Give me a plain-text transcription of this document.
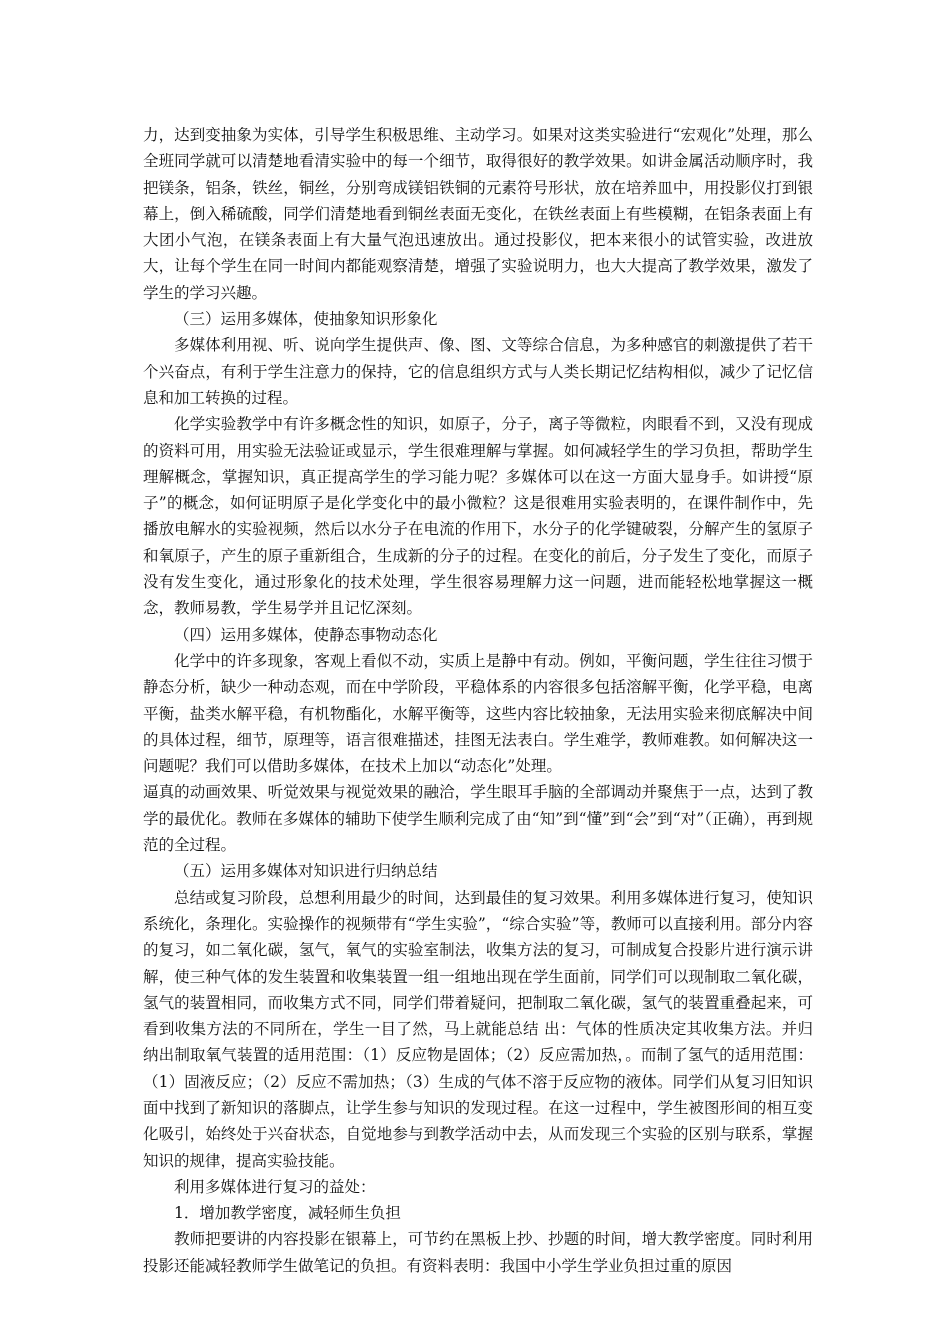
力，达到变抽象为实体，引导学生积极思维、主动学习。如果对这类实验进行“宏观化”处理，那么全班同学就可以清楚地看清实验中的每一个细节，取得很好的教学效果。如讲金属活动顺序时，我把镁条，铝条，铁丝，铜丝，分别弯成镁铝铁铜的元素符号形状，放在培养皿中，用投影仪打到银幕上，倒入稀硫酸，同学们清楚地看到铜丝表面无变化，在铁丝表面上有些模糊，在铝条表面上有大团小气泡，在镁条表面上有大量气泡迅速放出。通过投影仪，把本来很小的试管实验，改进放大，让每个学生在同一时间内都能观察清楚，增强了实验说明力，也大大提高了教学效果，激发了学生的学习兴趣。

（三）运用多媒体，使抽象知识形象化

多媒体利用视、听、说向学生提供声、像、图、文等综合信息，为多种感官的刺激提供了若干个兴奋点，有利于学生注意力的保持，它的信息组织方式与人类长期记忆结构相似，减少了记忆信息和加工转换的过程。

化学实验教学中有许多概念性的知识，如原子，分子，离子等微粒，肉眼看不到，又没有现成的资料可用，用实验无法验证或显示，学生很难理解与掌握。如何减轻学生的学习负担，帮助学生理解概念，掌握知识，真正提高学生的学习能力呢？多媒体可以在这一方面大显身手。如讲授“原子”的概念，如何证明原子是化学变化中的最小微粒？这是很难用实验表明的，在课件制作中，先播放电解水的实验视频，然后以水分子在电流的作用下，水分子的化学键破裂，分解产生的氢原子和氧原子，产生的原子重新组合，生成新的分子的过程。在变化的前后，分子发生了变化，而原子没有发生变化，通过形象化的技术处理，学生很容易理解力这一问题，进而能轻松地掌握这一概念，教师易教，学生易学并且记忆深刻。

（四）运用多媒体，使静态事物动态化

化学中的许多现象，客观上看似不动，实质上是静中有动。例如，平衡问题，学生往往习惯于静态分析，缺少一种动态观，而在中学阶段，平稳体系的内容很多包括溶解平衡，化学平稳，电离平衡，盐类水解平稳，有机物酯化，水解平衡等，这些内容比较抽象，无法用实验来彻底解决中间的具体过程，细节，原理等，语言很难描述，挂图无法表白。学生难学，教师难教。如何解决这一问题呢？我们可以借助多媒体，在技术上加以“动态化”处理。

逼真的动画效果、听觉效果与视觉效果的融洽，学生眼耳手脑的全部调动并聚焦于一点，达到了教学的最优化。教师在多媒体的辅助下使学生顺利完成了由“知”到“懂”到“会”到“对”（正确），再到规范的全过程。

（五）运用多媒体对知识进行归纳总结

总结或复习阶段，总想利用最少的时间，达到最佳的复习效果。利用多媒体进行复习，使知识系统化，条理化。实验操作的视频带有“学生实验”，“综合实验”等，教师可以直接利用。部分内容的复习，如二氧化碳，氢气，氧气的实验室制法，收集方法的复习，可制成复合投影片进行演示讲解，使三种气体的发生装置和收集装置一组一组地出现在学生面前，同学们可以现制取二氧化碳，氢气的装置相同，而收集方式不同，同学们带着疑问，把制取二氧化碳，氢气的装置重叠起来，可看到收集方法的不同所在，学生一目了然，马上就能总结 出：气体的性质决定其收集方法。并归纳出制取氧气装置的适用范围：（1）反应物是固体；（2）反应需加热，。而制了氢气的适用范围：（1）固液反应；（2）反应不需加热；（3）生成的气体不溶于反应物的液体。同学们从复习旧知识面中找到了新知识的落脚点，让学生参与知识的发现过程。在这一过程中，学生被图形间的相互变化吸引，始终处于兴奋状态，自觉地参与到教学活动中去，从而发现三个实验的区别与联系，掌握知识的规律，提高实验技能。

利用多媒体进行复习的益处：

1．增加教学密度，减轻师生负担

教师把要讲的内容投影在银幕上，可节约在黑板上抄、抄题的时间，增大教学密度。同时利用投影还能减轻教师学生做笔记的负担。有资料表明：我国中小学生学业负担过重的原因
